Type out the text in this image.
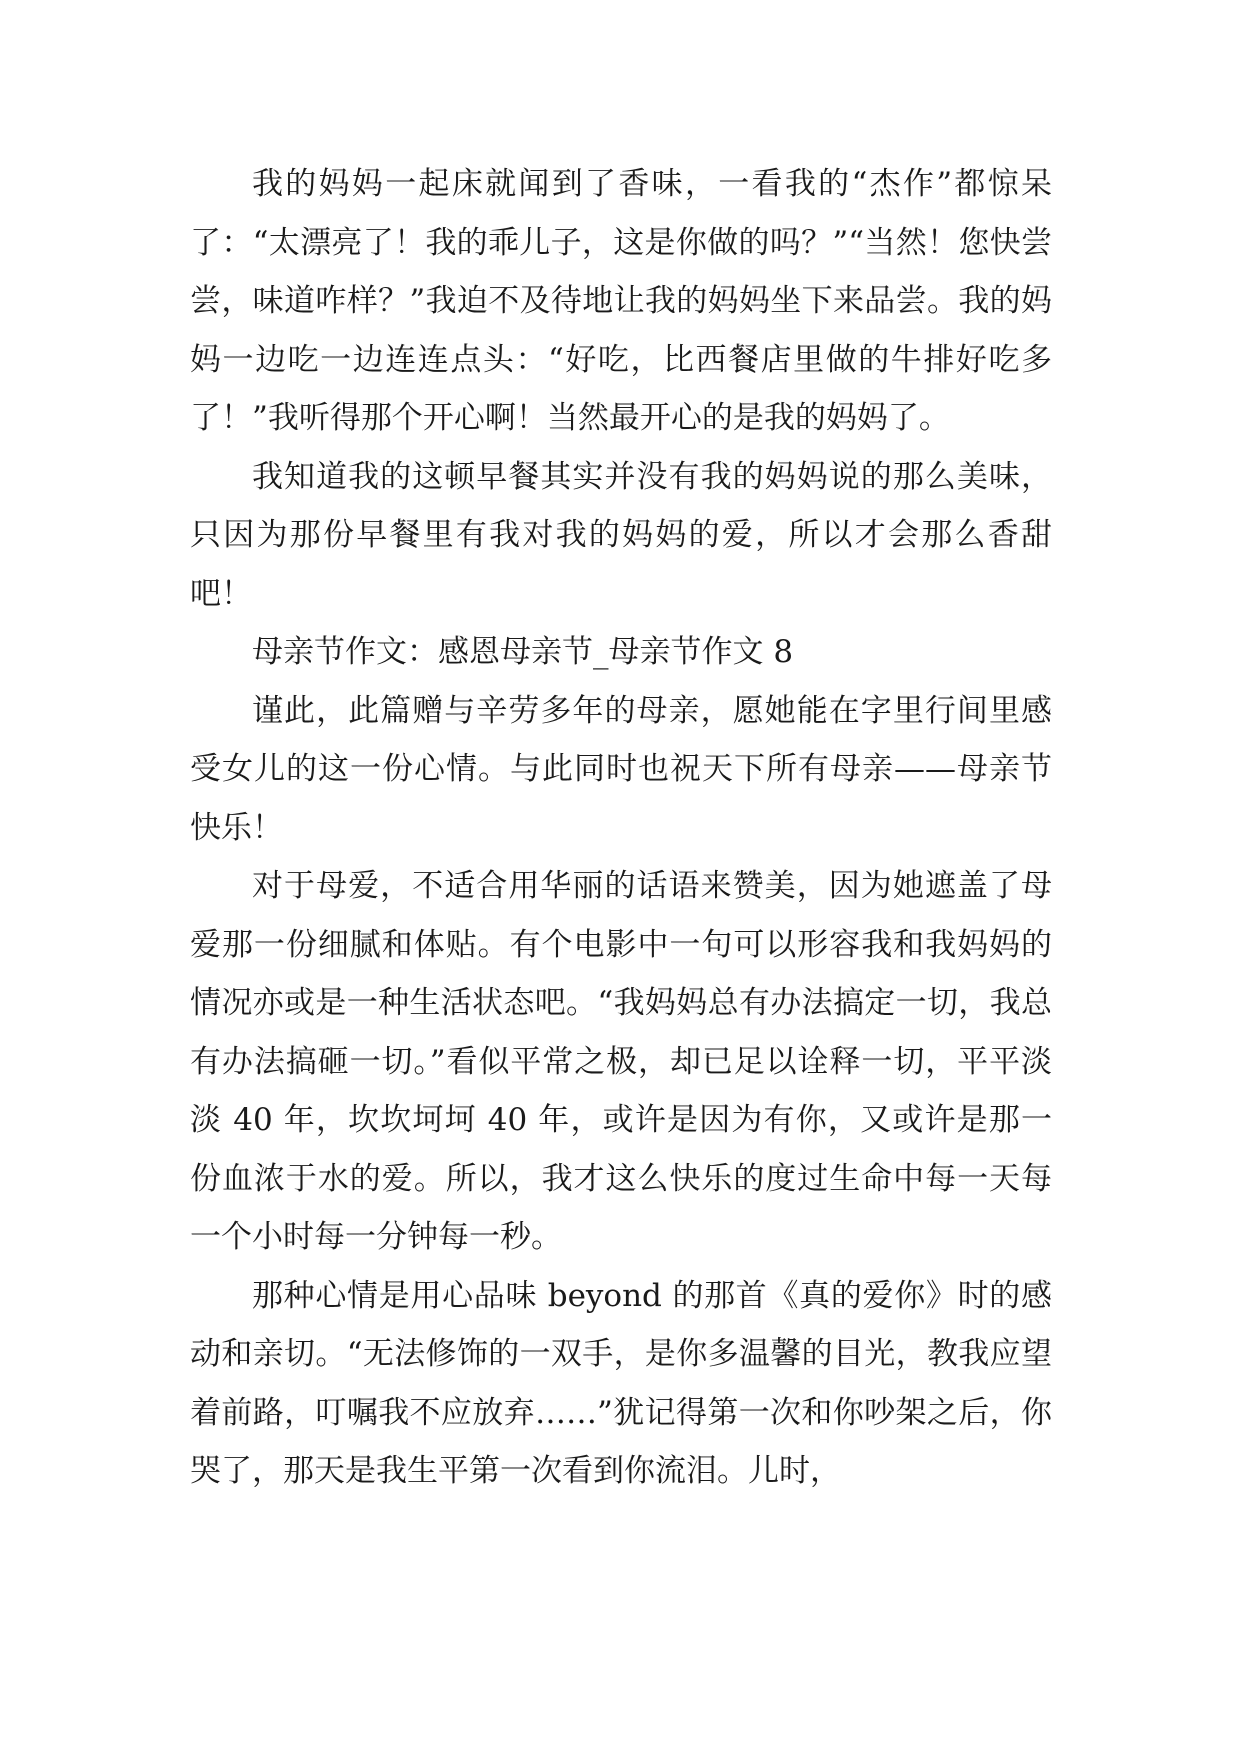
我的妈妈一起床就闻到了香味，一看我的“杰作”都惊呆了：“太漂亮了！我的乖儿子，这是你做的吗？”“当然！您快尝尝，味道咋样？”我迫不及待地让我的妈妈坐下来品尝。我的妈妈一边吃一边连连点头：“好吃，比西餐店里做的牛排好吃多了！”我听得那个开心啊！当然最开心的是我的妈妈了。

我知道我的这顿早餐其实并没有我的妈妈说的那么美味，只因为那份早餐里有我对我的妈妈的爱，所以才会那么香甜吧！

母亲节作文：感恩母亲节_母亲节作文 8

谨此，此篇赠与辛劳多年的母亲，愿她能在字里行间里感受女儿的这一份心情。与此同时也祝天下所有母亲——母亲节快乐！

对于母爱，不适合用华丽的话语来赞美，因为她遮盖了母爱那一份细腻和体贴。有个电影中一句可以形容我和我妈妈的情况亦或是一种生活状态吧。“我妈妈总有办法搞定一切，我总有办法搞砸一切。”看似平常之极，却已足以诠释一切，平平淡淡 40 年，坎坎坷坷 40 年，或许是因为有你，又或许是那一份血浓于水的爱。所以，我才这么快乐的度过生命中每一天每一个小时每一分钟每一秒。

那种心情是用心品味 beyond 的那首《真的爱你》时的感动和亲切。“无法修饰的一双手，是你多温馨的目光，教我应望着前路，叮嘱我不应放弃……”犹记得第一次和你吵架之后，你哭了，那天是我生平第一次看到你流泪。儿时，
